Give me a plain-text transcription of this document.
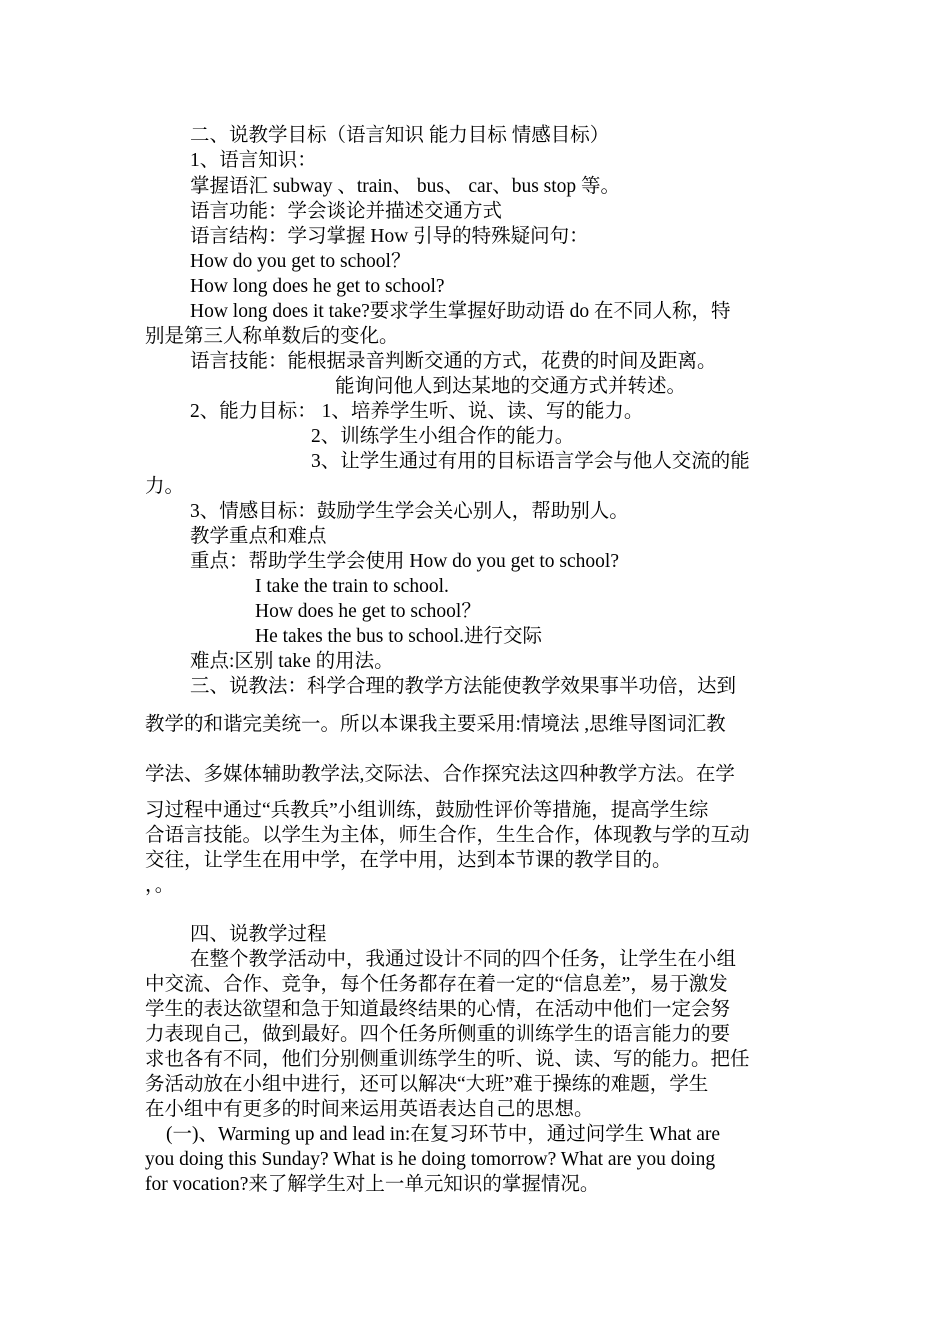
二、说教学目标（语言知识 能力目标 情感目标）
1、语言知识：
掌握语汇 subway 、train、 bus、 car、bus stop 等。
语言功能：学会谈论并描述交通方式
语言结构：学习掌握 How 引导的特殊疑问句：
How do you get to school？
How long does he get to school?
How long does it take?要求学生掌握好助动语 do 在不同人称，特
别是第三人称单数后的变化。
语言技能：能根据录音判断交通的方式，花费的时间及距离。
能询问他人到达某地的交通方式并转述。
2、能力目标： 1、培养学生听、说、读、写的能力。
2、训练学生小组合作的能力。
3、让学生通过有用的目标语言学会与他人交流的能
力。
3、情感目标：鼓励学生学会关心别人，帮助别人。
教学重点和难点
重点：帮助学生学会使用 How do you get to school?
I take the train to school.
How does he get to school？
He takes the bus to school.进行交际
难点:区别 take 的用法。
三、说教法：科学合理的教学方法能使教学效果事半功倍，达到
教学的和谐完美统一。所以本课我主要采用:情境法 ,思维导图词汇教
学法、多媒体辅助教学法,交际法、合作探究法这四种教学方法。在学
习过程中通过“兵教兵”小组训练，鼓励性评价等措施，提高学生综
合语言技能。以学生为主体，师生合作，生生合作，体现教与学的互动
交往，让学生在用中学，在学中用，达到本节课的教学目的。
，。
四、说教学过程
在整个教学活动中，我通过设计不同的四个任务，让学生在小组
中交流、合作、竞争，每个任务都存在着一定的“信息差”，易于激发
学生的表达欲望和急于知道最终结果的心情，在活动中他们一定会努
力表现自己，做到最好。四个任务所侧重的训练学生的语言能力的要
求也各有不同，他们分别侧重训练学生的听、说、读、写的能力。把任
务活动放在小组中进行，还可以解决“大班”难于操练的难题，学生
在小组中有更多的时间来运用英语表达自己的思想。
(一)、Warming up and lead in:在复习环节中，通过问学生 What are
you doing this Sunday? What is he doing tomorrow? What are you doing
for vocation?来了解学生对上一单元知识的掌握情况。
